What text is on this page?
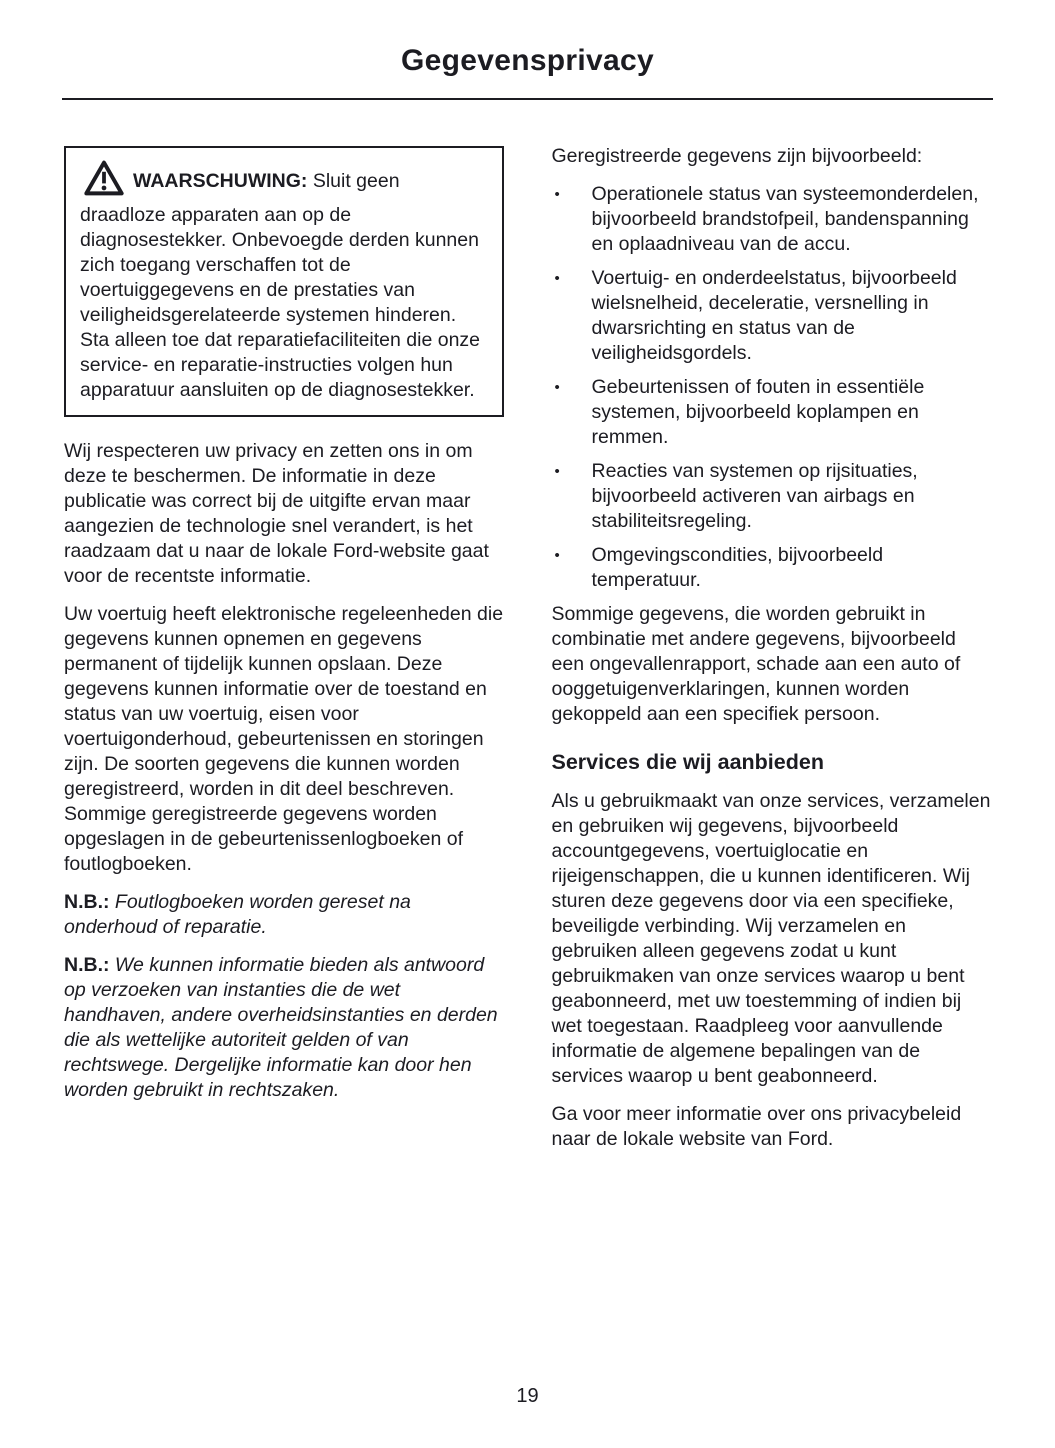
Gegevensprivacy

WAARSCHUWING: Sluit geen draadloze apparaten aan op de diagnosestekker. Onbevoegde derden kunnen zich toegang verschaffen tot de voertuiggegevens en de prestaties van veiligheidsgerelateerde systemen hinderen. Sta alleen toe dat reparatiefaciliteiten die onze service- en reparatie-instructies volgen hun apparatuur aansluiten op de diagnosestekker.

Wij respecteren uw privacy en zetten ons in om deze te beschermen. De informatie in deze publicatie was correct bij de uitgifte ervan maar aangezien de technologie snel verandert, is het raadzaam dat u naar de lokale Ford-website gaat voor de recentste informatie.

Uw voertuig heeft elektronische regeleenheden die gegevens kunnen opnemen en gegevens permanent of tijdelijk kunnen opslaan. Deze gegevens kunnen informatie over de toestand en status van uw voertuig, eisen voor voertuigonderhoud, gebeurtenissen en storingen zijn. De soorten gegevens die kunnen worden geregistreerd, worden in dit deel beschreven. Sommige geregistreerde gegevens worden opgeslagen in de gebeurtenissenlogboeken of foutlogboeken.

N.B.: Foutlogboeken worden gereset na onderhoud of reparatie.

N.B.: We kunnen informatie bieden als antwoord op verzoeken van instanties die de wet handhaven, andere overheidsinstanties en derden die als wettelijke autoriteit gelden of van rechtswege. Dergelijke informatie kan door hen worden gebruikt in rechtszaken.

Geregistreerde gegevens zijn bijvoorbeeld:

•	Operationele status van systeemonderdelen, bijvoorbeeld brandstofpeil, bandenspanning en oplaadniveau van de accu.
•	Voertuig- en onderdeelstatus, bijvoorbeeld wielsnelheid, deceleratie, versnelling in dwarsrichting en status van de veiligheidsgordels.
•	Gebeurtenissen of fouten in essentiële systemen, bijvoorbeeld koplampen en remmen.
•	Reacties van systemen op rijsituaties, bijvoorbeeld activeren van airbags en stabiliteitsregeling.
•	Omgevingscondities, bijvoorbeeld temperatuur.

Sommige gegevens, die worden gebruikt in combinatie met andere gegevens, bijvoorbeeld een ongevallenrapport, schade aan een auto of ooggetuigenverklaringen, kunnen worden gekoppeld aan een specifiek persoon.

Services die wij aanbieden

Als u gebruikmaakt van onze services, verzamelen en gebruiken wij gegevens, bijvoorbeeld accountgegevens, voertuiglocatie en rijeigenschappen, die u kunnen identificeren. Wij sturen deze gegevens door via een specifieke, beveiligde verbinding. Wij verzamelen en gebruiken alleen gegevens zodat u kunt gebruikmaken van onze services waarop u bent geabonneerd, met uw toestemming of indien bij wet toegestaan. Raadpleeg voor aanvullende informatie de algemene bepalingen van de services waarop u bent geabonneerd.

Ga voor meer informatie over ons privacybeleid naar de lokale website van Ford.

19
